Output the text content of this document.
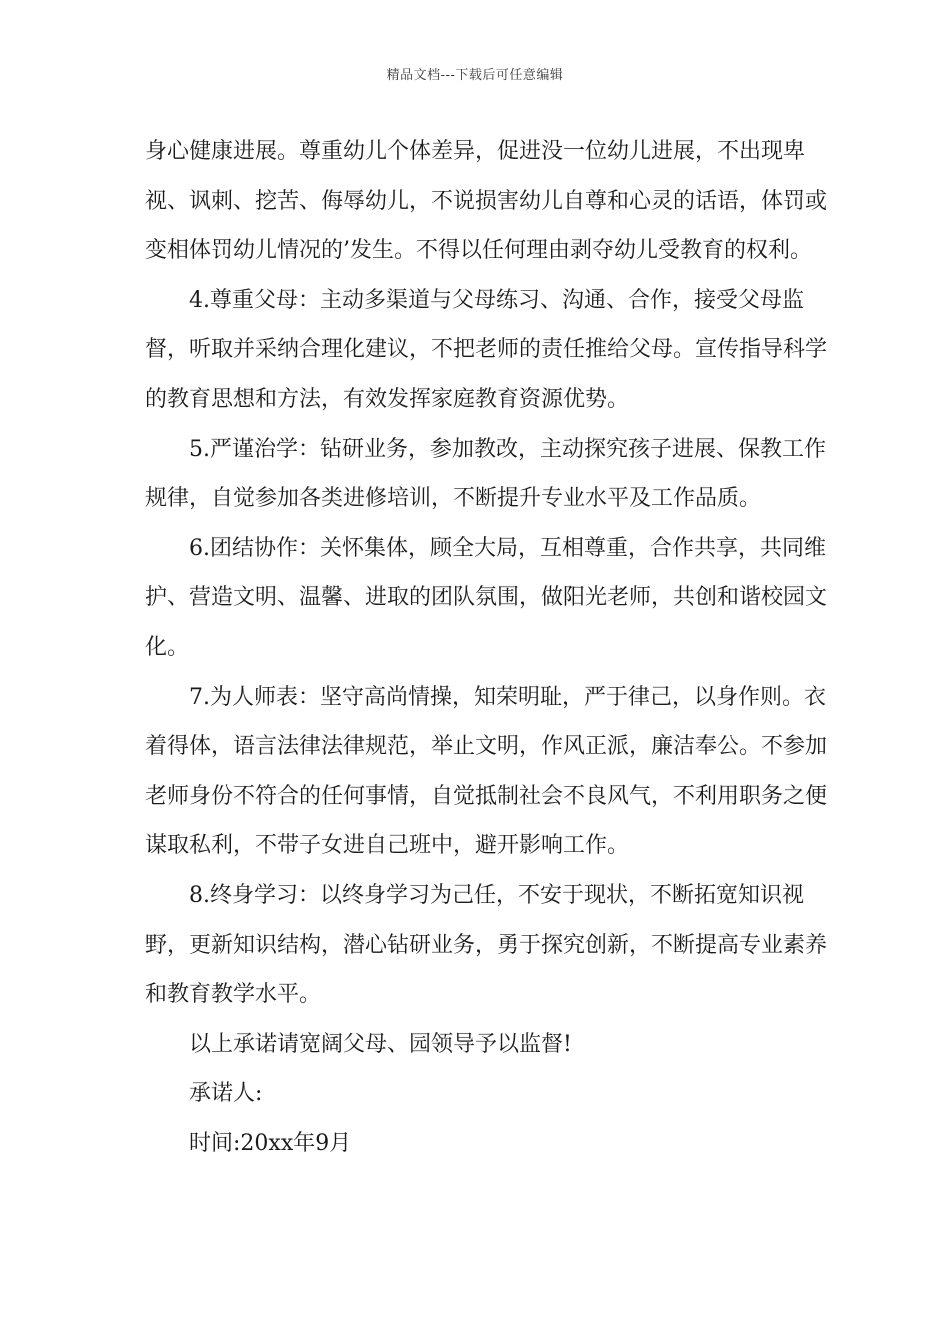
精品文档---下载后可任意编辑

身心健康进展。尊重幼儿个体差异，促进没一位幼儿进展，不出现卑视、讽刺、挖苦、侮辱幼儿，不说损害幼儿自尊和心灵的话语，体罚或变相体罚幼儿情况的’发生。不得以任何理由剥夺幼儿受教育的权利。

4.尊重父母：主动多渠道与父母练习、沟通、合作，接受父母监督，听取并采纳合理化建议，不把老师的责任推给父母。宣传指导科学的教育思想和方法，有效发挥家庭教育资源优势。

5.严谨治学：钻研业务，参加教改，主动探究孩子进展、保教工作规律，自觉参加各类进修培训，不断提升专业水平及工作品质。

6.团结协作：关怀集体，顾全大局，互相尊重，合作共享，共同维护、营造文明、温馨、进取的团队氛围，做阳光老师，共创和谐校园文化。

7.为人师表：坚守高尚情操，知荣明耻，严于律己，以身作则。衣着得体，语言法律法律规范，举止文明，作风正派，廉洁奉公。不参加老师身份不符合的任何事情，自觉抵制社会不良风气，不利用职务之便谋取私利，不带子女进自己班中，避开影响工作。

8.终身学习：以终身学习为己任，不安于现状，不断拓宽知识视野，更新知识结构，潜心钻研业务，勇于探究创新，不断提高专业素养和教育教学水平。

以上承诺请宽阔父母、园领导予以监督!

承诺人:

时间:20xx年9月
